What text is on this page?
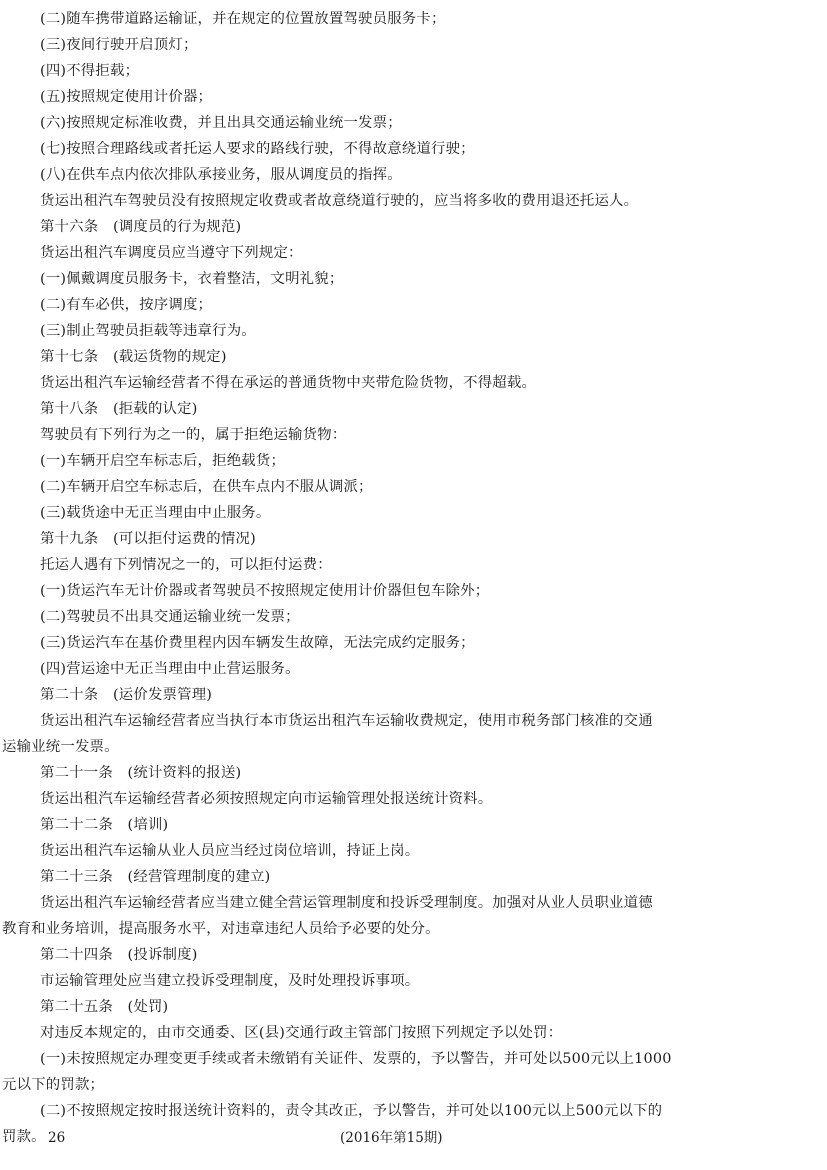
(二)随车携带道路运输证，并在规定的位置放置驾驶员服务卡；
(三)夜间行驶开启顶灯；
(四)不得拒载；
(五)按照规定使用计价器；
(六)按照规定标准收费，并且出具交通运输业统一发票；
(七)按照合理路线或者托运人要求的路线行驶，不得故意绕道行驶；
(八)在供车点内依次排队承接业务，服从调度员的指挥。
货运出租汽车驾驶员没有按照规定收费或者故意绕道行驶的，应当将多收的费用退还托运人。
第十六条　(调度员的行为规范)
货运出租汽车调度员应当遵守下列规定：
(一)佩戴调度员服务卡，衣着整洁，文明礼貌；
(二)有车必供，按序调度；
(三)制止驾驶员拒载等违章行为。
第十七条　(载运货物的规定)
货运出租汽车运输经营者不得在承运的普通货物中夹带危险货物，不得超载。
第十八条　(拒载的认定)
驾驶员有下列行为之一的，属于拒绝运输货物：
(一)车辆开启空车标志后，拒绝载货；
(二)车辆开启空车标志后，在供车点内不服从调派；
(三)载货途中无正当理由中止服务。
第十九条　(可以拒付运费的情况)
托运人遇有下列情况之一的，可以拒付运费：
(一)货运汽车无计价器或者驾驶员不按照规定使用计价器但包车除外；
(二)驾驶员不出具交通运输业统一发票；
(三)货运汽车在基价费里程内因车辆发生故障，无法完成约定服务；
(四)营运途中无正当理由中止营运服务。
第二十条　(运价发票管理)
货运出租汽车运输经营者应当执行本市货运出租汽车运输收费规定，使用市税务部门核准的交通
运输业统一发票。
第二十一条　(统计资料的报送)
货运出租汽车运输经营者必须按照规定向市运输管理处报送统计资料。
第二十二条　(培训)
货运出租汽车运输从业人员应当经过岗位培训，持证上岗。
第二十三条　(经营管理制度的建立)
货运出租汽车运输经营者应当建立健全营运管理制度和投诉受理制度。加强对从业人员职业道德
教育和业务培训，提高服务水平，对违章违纪人员给予必要的处分。
第二十四条　(投诉制度)
市运输管理处应当建立投诉受理制度，及时处理投诉事项。
第二十五条　(处罚)
对违反本规定的，由市交通委、区(县)交通行政主管部门按照下列规定予以处罚：
(一)未按照规定办理变更手续或者未缴销有关证件、发票的，予以警告，并可处以500元以上1000
元以下的罚款；
(二)不按照规定按时报送统计资料的，责令其改正，予以警告，并可处以100元以上500元以下的
罚款。 26	(2016年第15期)
